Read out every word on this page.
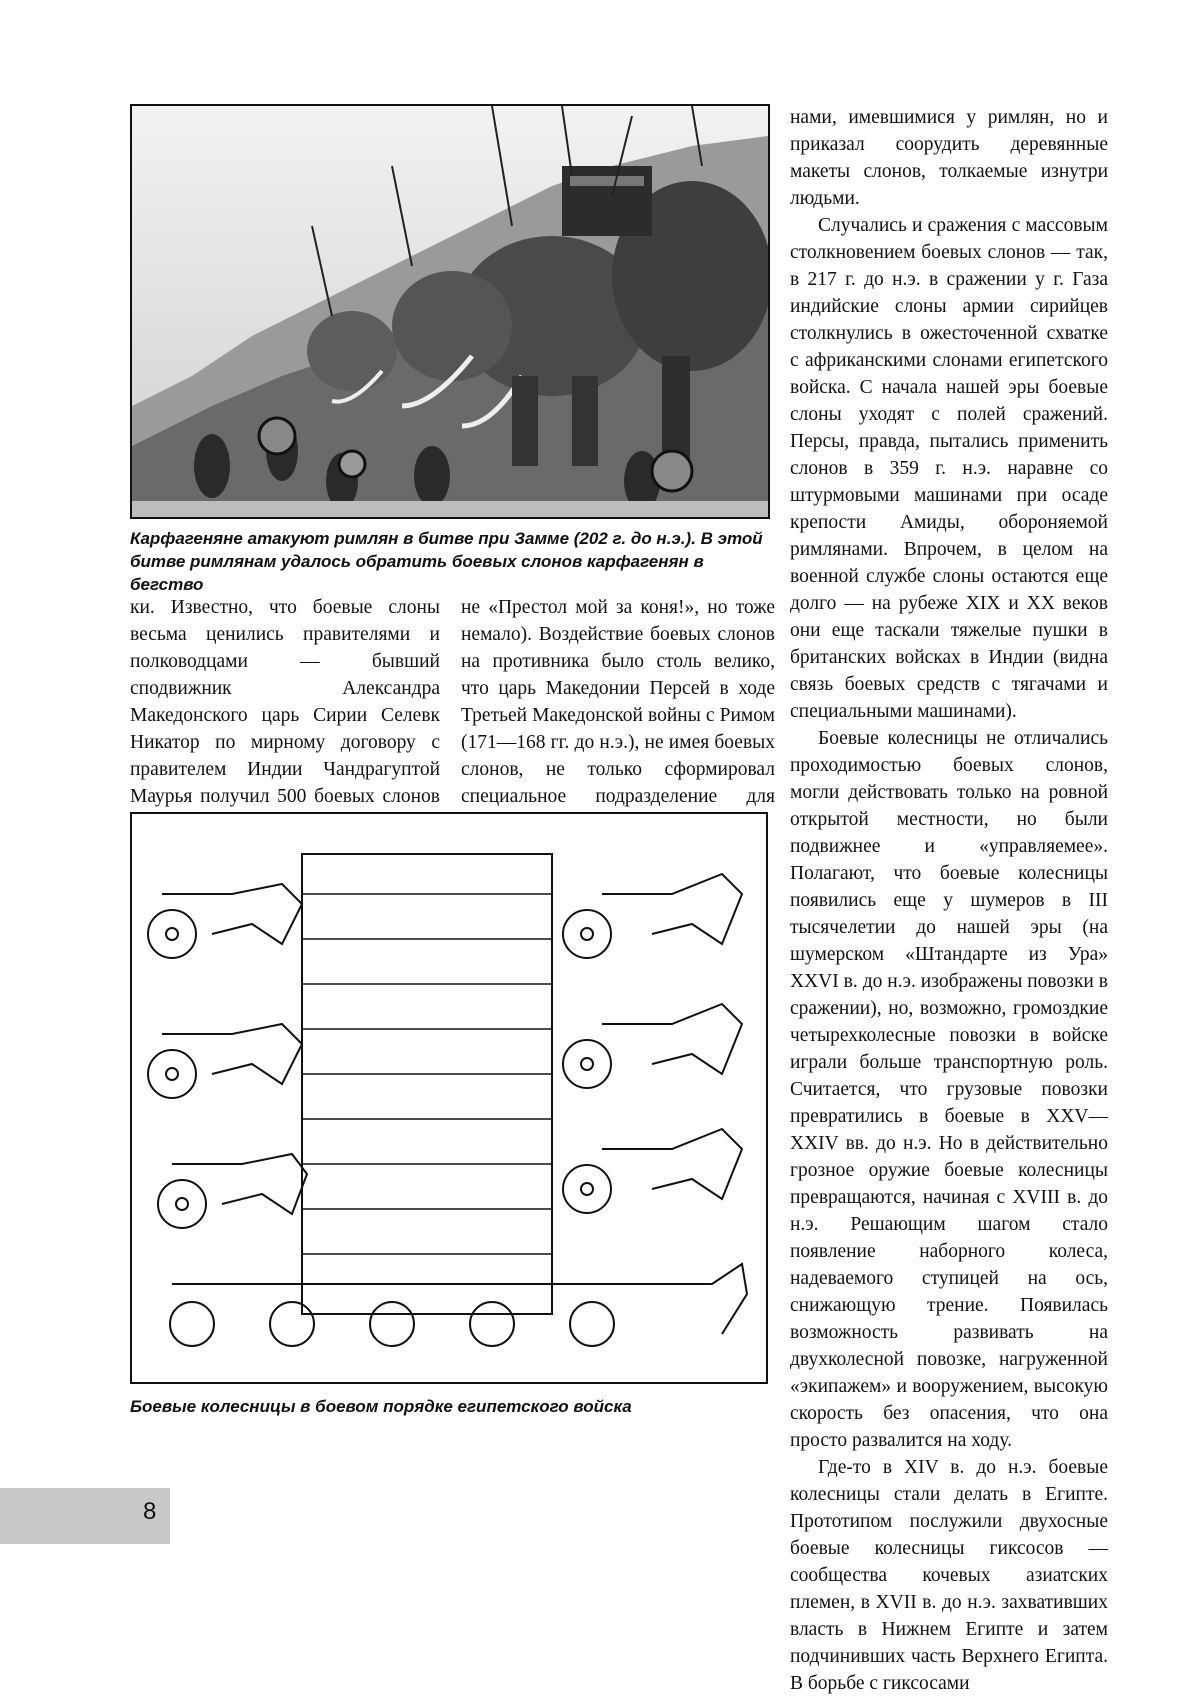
Карфагеняне атакуют римлян в битве при Замме (202 г. до н.э.). В этой битве римлянам удалось обратить боевых слонов карфагенян в бегство

ки. Известно, что боевые слоны весьма ценились правителями и полководцами — бывший сподвижник Александра Македонского царь Сирии Селевк Никатор по мирному договору с правителем Индии Чандрагуптой Маурья получил 500 боевых слонов

не «Престол мой за коня!», но тоже немало). Воздействие боевых слонов на противника было столь велико, что царь Македонии Персей в ходе Третьей Македонской войны с Римом (171—168 гг. до н.э.), не имея боевых слонов, не только сформировал специальное подразделение для

нами, имевшимися у римлян, но и приказал соорудить деревянные макеты слонов, толкаемые изнутри людьми.

Случались и сражения с массовым столкновением боевых слонов — так, в 217 г. до н.э. в сражении у г. Газа индийские слоны армии сирийцев столкнулись в ожесточенной схватке с африканскими слонами египетского войска. С начала нашей эры боевые слоны уходят с полей сражений. Персы, правда, пытались применить слонов в 359 г. н.э. наравне со штурмовыми машинами при осаде крепости Амиды, обороняемой римлянами. Впрочем, в целом на военной службе слоны остаются еще долго — на рубеже XIX и XX веков они еще таскали тяжелые пушки в британских войсках в Индии (видна связь боевых средств с тягачами и специальными машинами).

Боевые колесницы не отличались проходимостью боевых слонов, могли действовать только на ровной открытой местности, но были подвижнее и «управляемее». Полагают, что боевые колесницы появились еще у шумеров в III тысячелетии до нашей эры (на шумерском «Штандарте из Ура» XXVI в. до н.э. изображены повозки в сражении), но, возможно, громоздкие четырехколесные повозки в войске играли больше транспортную роль. Считается, что грузовые повозки превратились в боевые в XXV—XXIV вв. до н.э. Но в действительно грозное оружие боевые колесницы превращаются, начиная с XVIII в. до н.э. Решающим шагом стало появление наборного колеса, надеваемого ступицей на ось, снижающую трение. Появилась возможность развивать на двухколесной повозке, нагруженной «экипажем» и вооружением, высокую скорость без опасения, что она просто развалится на ходу.

Где-то в XIV в. до н.э. боевые колесницы стали делать в Египте. Прототипом послужили двухосные боевые колесницы гиксосов — сообщества кочевых азиатских племен, в XVII в. до н.э. захвативших власть в Нижнем Египте и затем подчинивших часть Верхнего Египта. В борьбе с гиксосами

Боевые колесницы в боевом порядке египетского войска
8
